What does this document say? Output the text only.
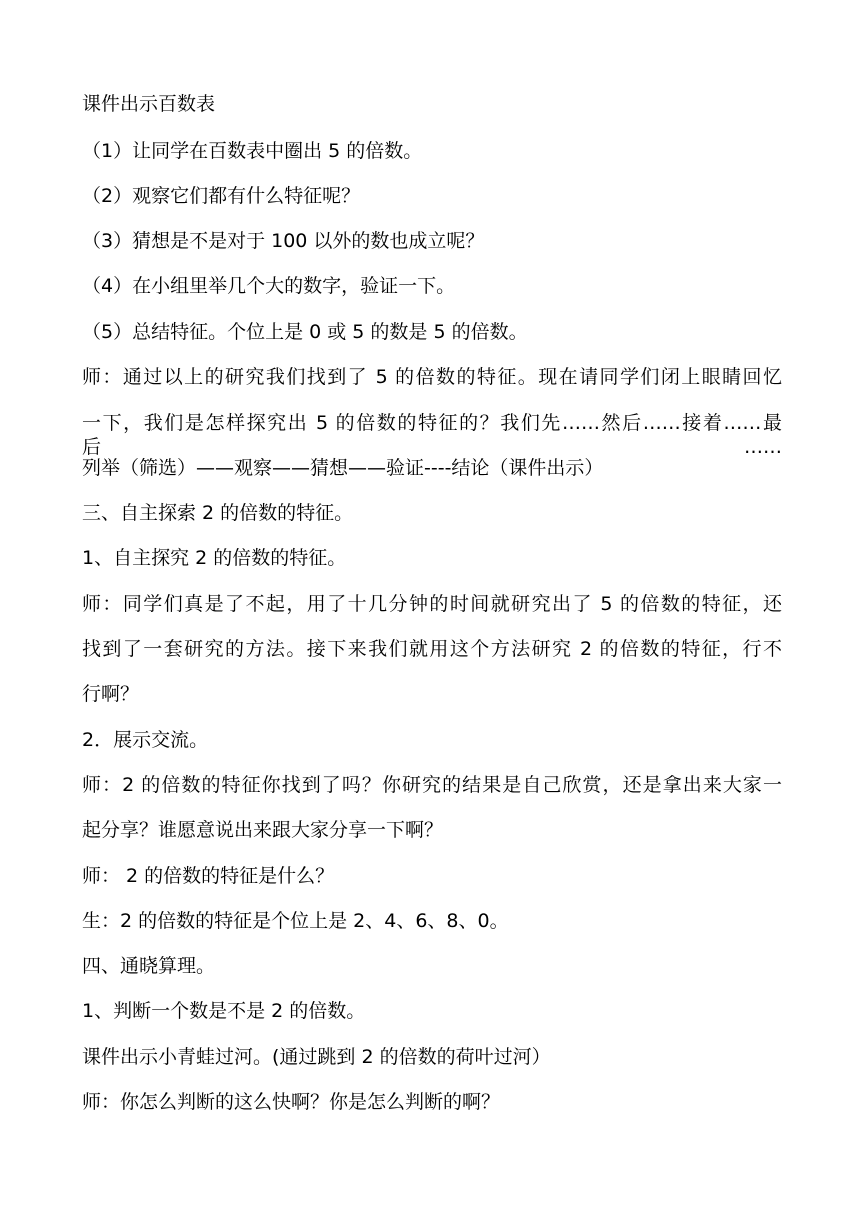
课件出示百数表
（1）让同学在百数表中圈出 5 的倍数。
（2）观察它们都有什么特征呢？
（3）猜想是不是对于 100 以外的数也成立呢？
（4）在小组里举几个大的数字，验证一下。
（5）总结特征。个位上是 0 或 5 的数是 5 的倍数。
师：通过以上的研究我们找到了 5 的倍数的特征。现在请同学们闭上眼睛回忆
一下，我们是怎样探究出 5 的倍数的特征的？我们先……然后……接着……最后……
列举（筛选）——观察——猜想——验证----结论（课件出示）
三、自主探索 2 的倍数的特征。
1、自主探究 2 的倍数的特征。
师：同学们真是了不起，用了十几分钟的时间就研究出了 5 的倍数的特征，还
找到了一套研究的方法。接下来我们就用这个方法研究 2 的倍数的特征，行不
行啊？
2．展示交流。
师：2 的倍数的特征你找到了吗？你研究的结果是自己欣赏，还是拿出来大家一
起分享？谁愿意说出来跟大家分享一下啊？
师： 2 的倍数的特征是什么？
生：2 的倍数的特征是个位上是 2、4、6、8、0。
四、通晓算理。
1、判断一个数是不是 2 的倍数。
课件出示小青蛙过河。(通过跳到 2 的倍数的荷叶过河）
师：你怎么判断的这么快啊？你是怎么判断的啊？
